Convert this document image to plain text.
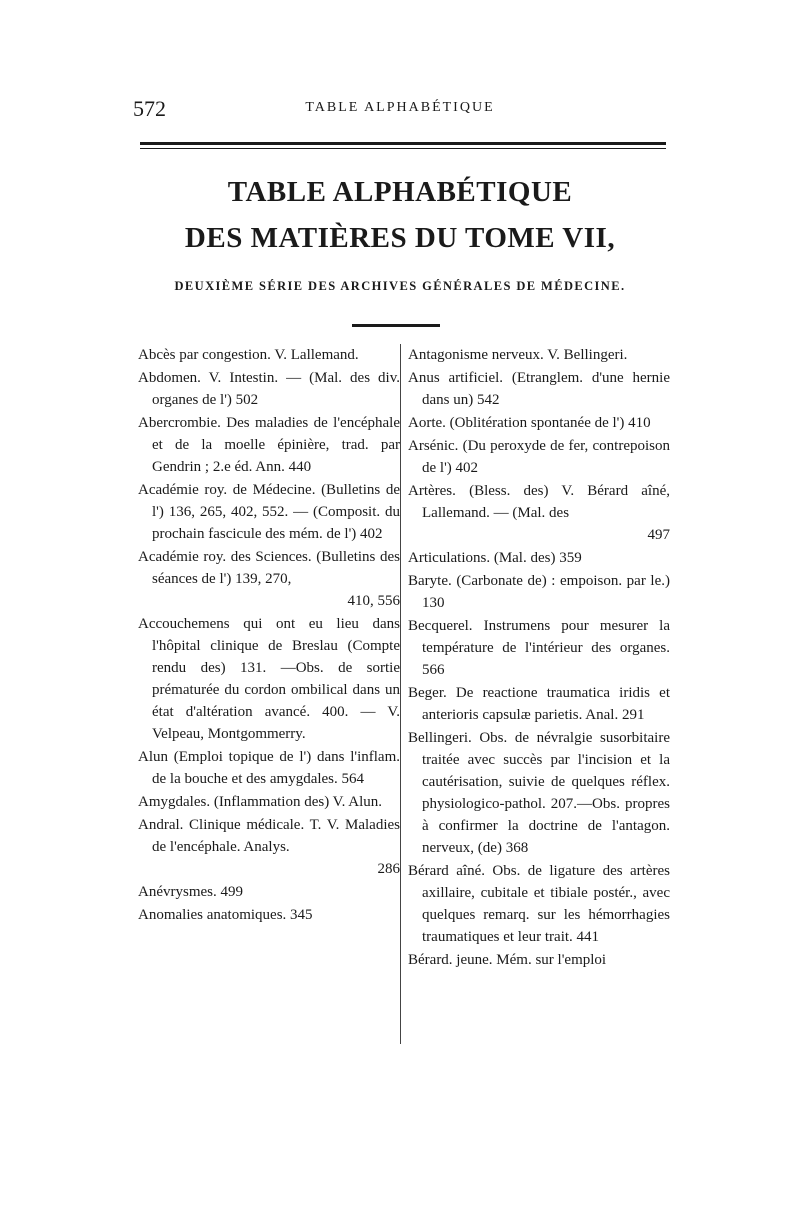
572	TABLE ALPHABÉTIQUE
TABLE ALPHABÉTIQUE
DES MATIÈRES DU TOME VII,
DEUXIÈME SÉRIE DES ARCHIVES GÉNÉRALES DE MÉDECINE.

Abcès par congestion. V. Lallemand.

Abdomen. V. Intestin. — (Mal. des div. organes de l') 502

Abercrombie. Des maladies de l'encéphale et de la moelle épinière, trad. par Gendrin ; 2.e éd. Ann. 440

Académie roy. de Médecine. (Bulletins de l') 136, 265, 402, 552. — (Composit. du prochain fascicule des mém. de l') 402

Académie roy. des Sciences. (Bulletins des séances de l') 139, 270,
410, 556

Accouchemens qui ont eu lieu dans l'hôpital clinique de Breslau (Compte rendu des) 131. —Obs. de sortie prématurée du cordon ombilical dans un état d'altération avancé. 400. — V. Velpeau, Montgommerry.

Alun (Emploi topique de l') dans l'inflam. de la bouche et des amygdales. 564

Amygdales. (Inflammation des) V. Alun.

Andral. Clinique médicale. T. V. Maladies de l'encéphale. Analys.
286

Anévrysmes. 499

Anomalies anatomiques. 345

Antagonisme nerveux. V. Bellingeri.

Anus artificiel. (Etranglem. d'une hernie dans un) 542

Aorte. (Oblitération spontanée de l') 410

Arsénic. (Du peroxyde de fer, contrepoison de l') 402

Artères. (Bless. des) V. Bérard aîné, Lallemand. — (Mal. des
497

Articulations. (Mal. des) 359

Baryte. (Carbonate de) : empoison. par le.) 130

Becquerel. Instrumens pour mesurer la température de l'intérieur des organes. 566

Beger. De reactione traumatica iridis et anterioris capsulæ parietis. Anal. 291

Bellingeri. Obs. de névralgie susorbitaire traitée avec succès par l'incision et la cautérisation, suivie de quelques réflex. physiologico-pathol. 207.—Obs. propres à confirmer la doctrine de l'antagon. nerveux, (de) 368

Bérard aîné. Obs. de ligature des artères axillaire, cubitale et tibiale postér., avec quelques remarq. sur les hémorrhagies traumatiques et leur trait. 441

Bérard. jeune. Mém. sur l'emploi
